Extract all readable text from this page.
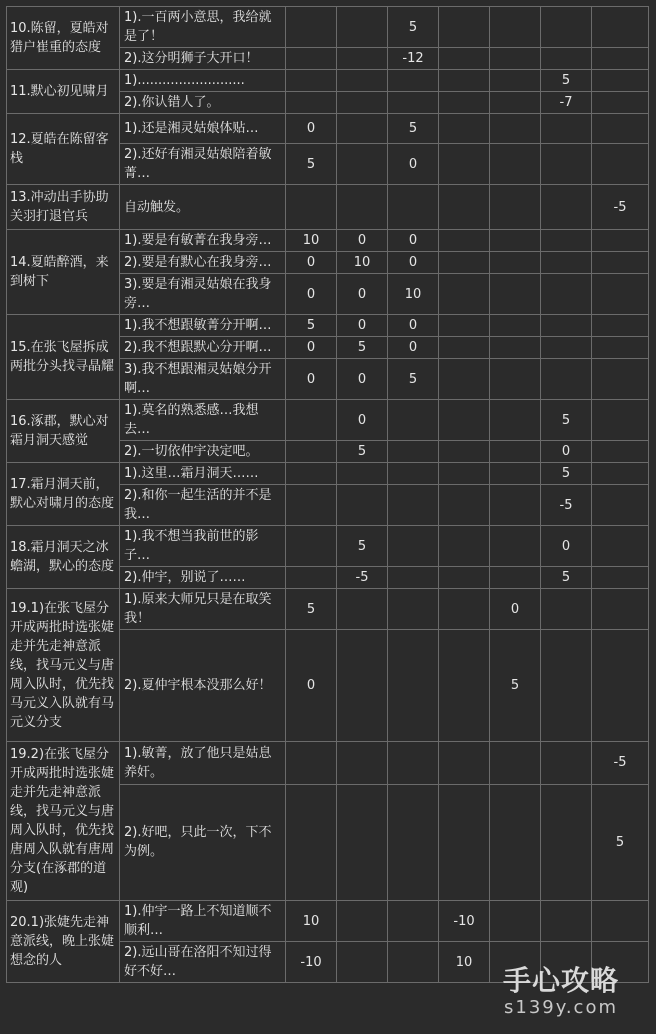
10.陈留，夏皓对猎户崔重的态度	1).一百两小意思，我给就是了！			5				
	2).这分明狮子大开口！			-12				
11.默心初见啸月	1)..........................						5	
	2).你认错人了。						-7	
12.夏皓在陈留客栈	1).还是湘灵姑娘体贴…	0		5				
	2).还好有湘灵姑娘陪着敏菁…	5		0				
13.冲动出手协助关羽打退官兵	自动触发。							-5
14.夏皓醉酒，来到树下	1).要是有敏菁在我身旁…	10	0	0				
	2).要是有默心在我身旁…	0	10	0				
	3).要是有湘灵姑娘在我身旁…	0	0	10				
15.在张飞屋拆成两批分头找寻晶耀	1).我不想跟敏菁分开啊…	5	0	0				
	2).我不想跟默心分开啊…	0	5	0				
	3).我不想跟湘灵姑娘分开啊…	0	0	5				
16.涿郡，默心对霜月洞天感觉	1).莫名的熟悉感…我想去…		0				5	
	2).一切依仲宇决定吧。		5				0	
17.霜月洞天前，默心对啸月的态度	1).这里…霜月洞天……						5	
	2).和你一起生活的并不是我…						-5	
18.霜月洞天之冰蟾湖，默心的态度	1).我不想当我前世的影子…		5				0	
	2).仲宇，别说了……		-5				5	
19.1)在张飞屋分开成两批时选张婕走并先走神意派线，找马元义与唐周入队时，优先找马元义入队就有马元义分支	1).原来大师兄只是在取笑我！	5				0		
	2).夏仲宇根本没那么好！	0				5		
19.2)在张飞屋分开成两批时选张婕走并先走神意派线，找马元义与唐周入队时，优先找唐周入队就有唐周分支(在涿郡的道观)	1).敏菁，放了他只是姑息养奸。							-5
	2).好吧，只此一次，下不为例。							5
20.1)张婕先走神意派线，晚上张婕想念的人	1).仲宇一路上不知道顺不顺利…	10			-10			
	2).远山哥在洛阳不知过得好不好…	-10			10			
手心攻略
s139y.com
